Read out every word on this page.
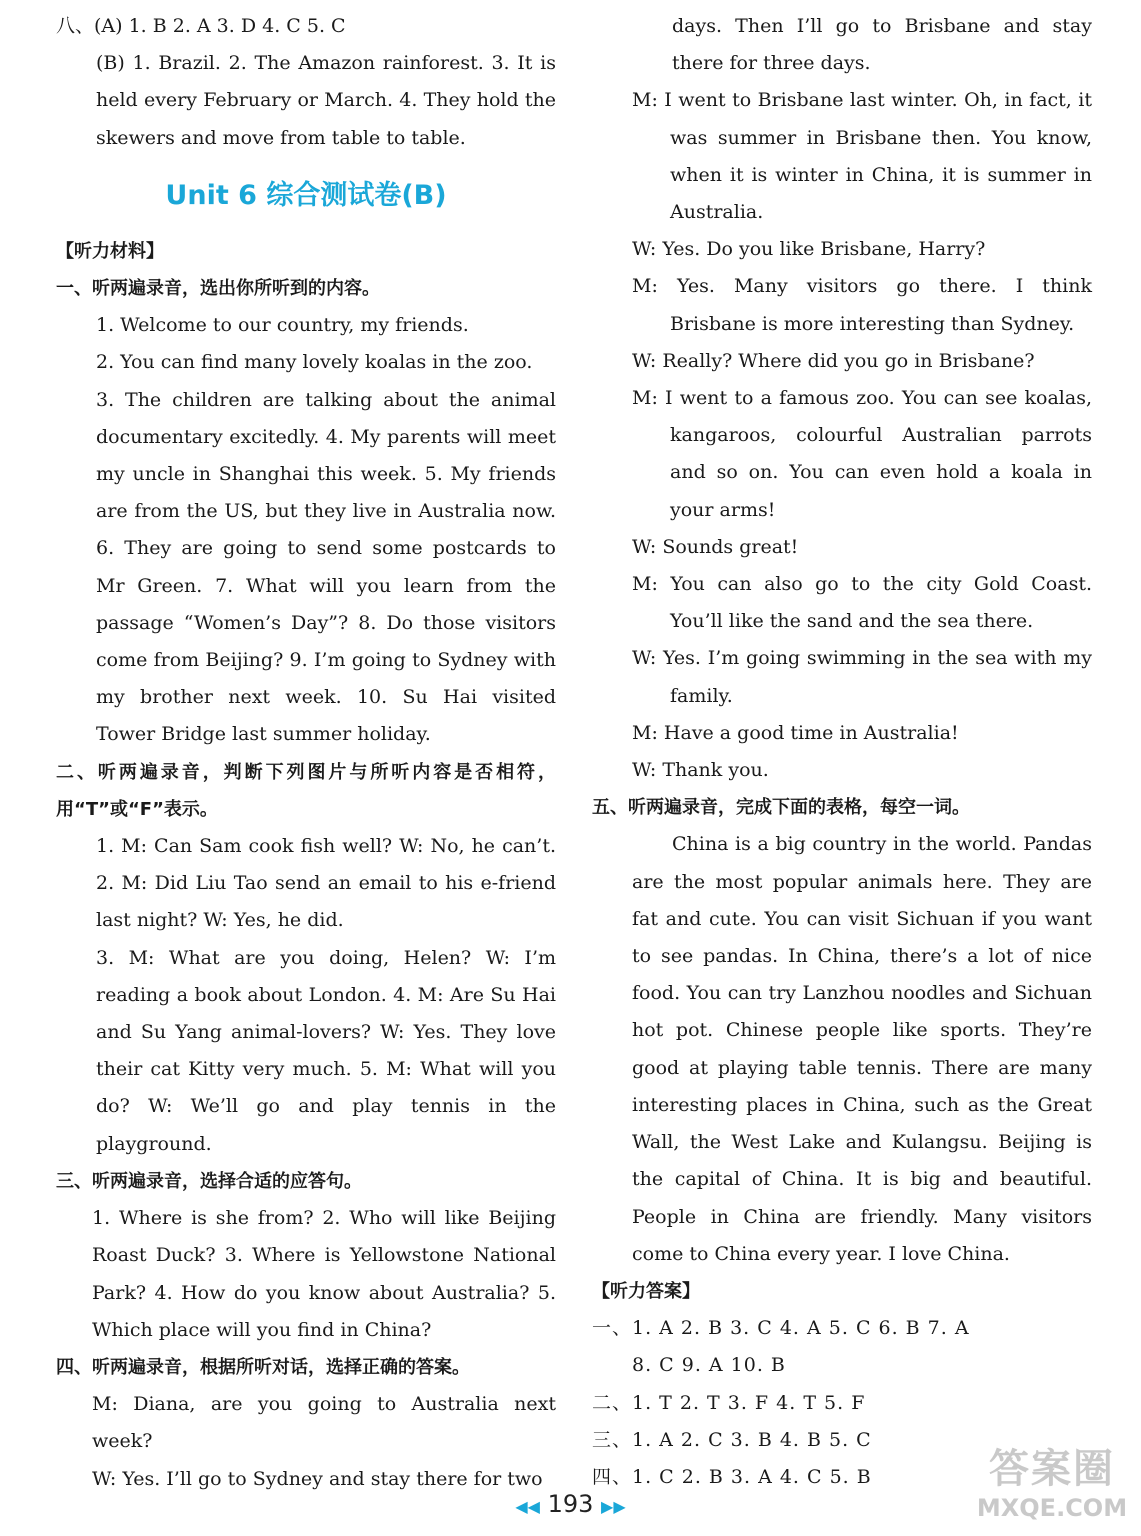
八、(A) 1. B 2. A 3. D 4. C 5. C

(B) 1. Brazil. 2. The Amazon rainforest. 3. It is held every February or March. 4. They hold the skewers and move from table to table.

Unit 6 综合测试卷(B)

【听力材料】

一、听两遍录音，选出你所听到的内容。

1. Welcome to our country, my friends.

2. You can find many lovely koalas in the zoo.

3. The children are talking about the animal documentary excitedly. 4. My parents will meet my uncle in Shanghai this week. 5. My friends are from the US, but they live in Australia now. 6. They are going to send some postcards to Mr Green. 7. What will you learn from the passage “Women’s Day”? 8. Do those visitors come from Beijing? 9. I’m going to Sydney with my brother next week. 10. Su Hai visited Tower Bridge last summer holiday.

二、听两遍录音，判断下列图片与所听内容是否相符，用“T”或“F”表示。

1. M: Can Sam cook fish well? W: No, he can’t. 2. M: Did Liu Tao send an email to his e-friend last night? W: Yes, he did.

3. M: What are you doing, Helen? W: I’m reading a book about London. 4. M: Are Su Hai and Su Yang animal-lovers? W: Yes. They love their cat Kitty very much. 5. M: What will you do? W: We’ll go and play tennis in the playground.

三、听两遍录音，选择合适的应答句。

1. Where is she from? 2. Who will like Beijing Roast Duck? 3. Where is Yellowstone National Park? 4. How do you know about Australia? 5. Which place will you find in China?

四、听两遍录音，根据所听对话，选择正确的答案。

M: Diana, are you going to Australia next week?

W: Yes. I’ll go to Sydney and stay there for two

days. Then I’ll go to Brisbane and stay there for three days.

M: I went to Brisbane last winter. Oh, in fact, it was summer in Brisbane then. You know, when it is winter in China, it is summer in Australia.

W: Yes. Do you like Brisbane, Harry?

M: Yes. Many visitors go there. I think Brisbane is more interesting than Sydney.

W: Really? Where did you go in Brisbane?

M: I went to a famous zoo. You can see koalas, kangaroos, colourful Australian parrots and so on. You can even hold a koala in your arms!

W: Sounds great!

M: You can also go to the city Gold Coast. You’ll like the sand and the sea there.

W: Yes. I’m going swimming in the sea with my family.

M: Have a good time in Australia!

W: Thank you.

五、听两遍录音，完成下面的表格，每空一词。

China is a big country in the world. Pandas are the most popular animals here. They are fat and cute. You can visit Sichuan if you want to see pandas. In China, there’s a lot of nice food. You can try Lanzhou noodles and Sichuan hot pot. Chinese people like sports. They’re good at playing table tennis. There are many interesting places in China, such as the Great Wall, the West Lake and Kulangsu. Beijing is the capital of China. It is big and beautiful. People in China are friendly. Many visitors come to China every year. I love China.

【听力答案】

一、1. A 2. B 3. C 4. A 5. C 6. B 7. A

8. C 9. A 10. B

二、1. T 2. T 3. F 4. T 5. F

三、1. A 2. C 3. B 4. B 5. C

四、1. C 2. B 3. A 4. C 5. B

◀◀ 193 ▶▶
答案圈
MXQE.COM
